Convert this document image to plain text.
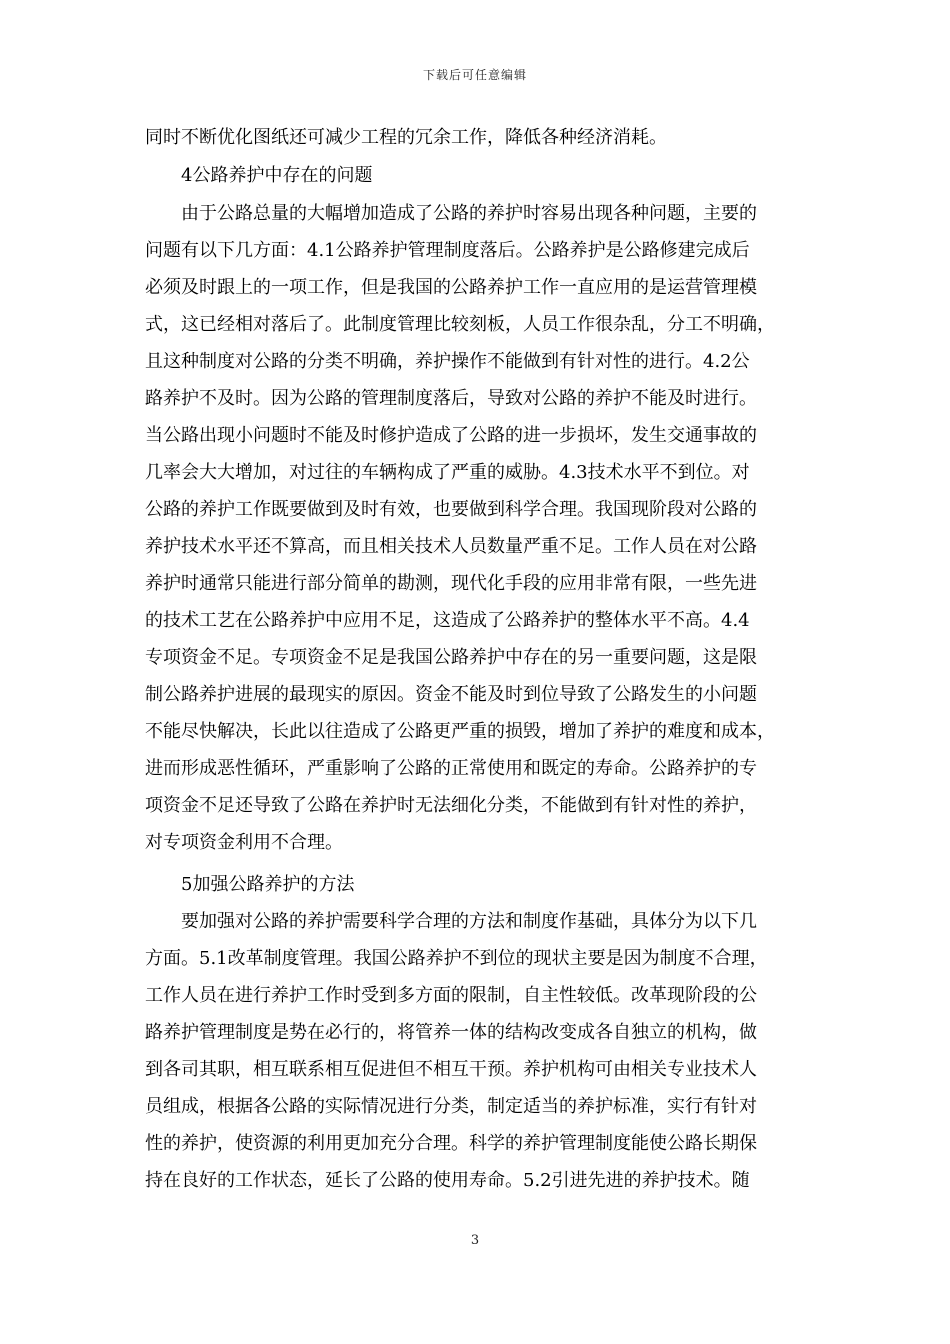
下载后可任意编辑
同时不断优化图纸还可减少工程的冗余工作，降低各种经济消耗。
4公路养护中存在的问题
由于公路总量的大幅增加造成了公路的养护时容易出现各种问题，主要的
问题有以下几方面：4.1公路养护管理制度落后。公路养护是公路修建完成后
必须及时跟上的一项工作，但是我国的公路养护工作一直应用的是运营管理模
式，这已经相对落后了。此制度管理比较刻板，人员工作很杂乱，分工不明确，
且这种制度对公路的分类不明确，养护操作不能做到有针对性的进行。4.2公
路养护不及时。因为公路的管理制度落后，导致对公路的养护不能及时进行。
当公路出现小问题时不能及时修护造成了公路的进一步损坏，发生交通事故的
几率会大大增加，对过往的车辆构成了严重的威胁。4.3技术水平不到位。对
公路的养护工作既要做到及时有效，也要做到科学合理。我国现阶段对公路的
养护技术水平还不算高，而且相关技术人员数量严重不足。工作人员在对公路
养护时通常只能进行部分简单的勘测，现代化手段的应用非常有限，一些先进
的技术工艺在公路养护中应用不足，这造成了公路养护的整体水平不高。4.4
专项资金不足。专项资金不足是我国公路养护中存在的另一重要问题，这是限
制公路养护进展的最现实的原因。资金不能及时到位导致了公路发生的小问题
不能尽快解决，长此以往造成了公路更严重的损毁，增加了养护的难度和成本，
进而形成恶性循环，严重影响了公路的正常使用和既定的寿命。公路养护的专
项资金不足还导致了公路在养护时无法细化分类，不能做到有针对性的养护，
对专项资金利用不合理。
5加强公路养护的方法
要加强对公路的养护需要科学合理的方法和制度作基础，具体分为以下几
方面。5.1改革制度管理。我国公路养护不到位的现状主要是因为制度不合理，
工作人员在进行养护工作时受到多方面的限制，自主性较低。改革现阶段的公
路养护管理制度是势在必行的，将管养一体的结构改变成各自独立的机构，做
到各司其职，相互联系相互促进但不相互干预。养护机构可由相关专业技术人
员组成，根据各公路的实际情况进行分类，制定适当的养护标准，实行有针对
性的养护，使资源的利用更加充分合理。科学的养护管理制度能使公路长期保
持在良好的工作状态，延长了公路的使用寿命。5.2引进先进的养护技术。随
3
